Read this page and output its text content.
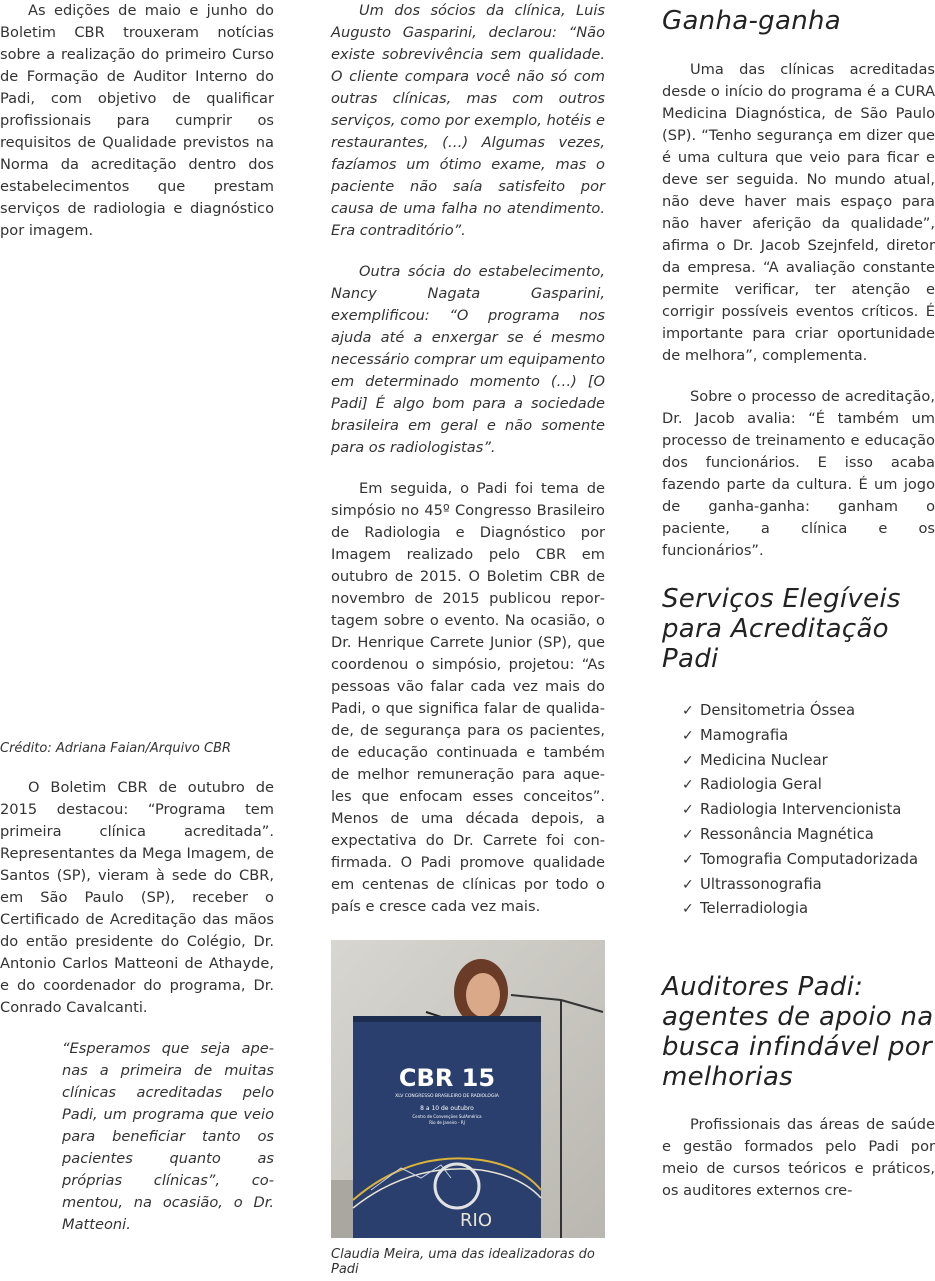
As edições de maio e junho do Boletim CBR trouxeram notícias sobre a realização do primeiro Curso de Formação de Auditor Interno do Padi, com objetivo de qualificar profissionais para cumprir os requisitos de Qualidade previstos na Norma da acreditação dentro dos estabelecimentos que prestam serviços de radiologia e diagnóstico por imagem.

Crédito: Adriana Faian/Arquivo CBR

O Boletim CBR de outubro de 2015 destacou: “Programa tem primeira clínica acreditada”. Representantes da Mega Imagem, de Santos (SP), vieram à sede do CBR, em São Paulo (SP), receber o Certificado de Acreditação das mãos do então presidente do Colégio, Dr. Antonio Carlos Matteoni de Athayde, e do coordenador do programa, Dr. Conrado Cavalcanti.

“Esperamos que seja apenas a primeira de muitas clínicas acreditadas pelo Padi, um programa que veio para beneficiar tanto os pacientes quanto as próprias clínicas”, comentou, na ocasião, o Dr. Matteoni.

Um dos sócios da clínica, Luis Augusto Gasparini, declarou: “Não existe sobrevivência sem qualidade. O cliente compara você não só com outras clínicas, mas com outros serviços, como por exemplo, hotéis e restaurantes, (…) Algumas vezes, fazíamos um ótimo exame, mas o paciente não saía satisfeito por causa de uma falha no atendimento. Era contraditório”.

Outra sócia do estabelecimento, Nancy Nagata Gasparini, exemplificou: “O programa nos ajuda até a enxergar se é mesmo necessário comprar um equipamento em determinado momento (…) [O Padi] É algo bom para a sociedade brasileira em geral e não somente para os radiologistas”.

Em seguida, o Padi foi tema de simpósio no 45º Congresso Brasileiro de Radiologia e Diagnóstico por Imagem realizado pelo CBR em outubro de 2015. O Boletim CBR de novembro de 2015 publicou reportagem sobre o evento. Na ocasião, o Dr. Henrique Carrete Junior (SP), que coordenou o simpósio, projetou: “As pessoas vão falar cada vez mais do Padi, o que significa falar de qualidade, de segurança para os pacientes, de educação continuada e também de melhor remuneração para aqueles que enfocam esses conceitos”. Menos de uma década depois, a expectativa do Dr. Carrete foi confirmada. O Padi promove qualidade em centenas de clínicas por todo o país e cresce cada vez mais.

CBR 15
XLV CONGRESSO BRASILEIRO DE RADIOLOGIA
8 a 10 de outubro
Centro de Convenções SulAmérica
Rio de Janeiro - RJ
RIO

Claudia Meira, uma das idealizadoras do Padi

Ganha-ganha

Uma das clínicas acreditadas desde o início do programa é a CURA Medicina Diagnóstica, de São Paulo (SP). “Tenho segurança em dizer que é uma cultura que veio para ficar e deve ser seguida. No mundo atual, não deve haver mais espaço para não haver aferição da qualidade”, afirma o Dr. Jacob Szejnfeld, diretor da empresa. “A avaliação constante permite verificar, ter atenção e corrigir possíveis eventos críticos. É importante para criar oportunidade de melhora”, complementa.

Sobre o processo de acreditação, Dr. Jacob avalia: “É também um processo de treinamento e educação dos funcionários. E isso acaba fazendo parte da cultura. É um jogo de ganha-ganha: ganham o paciente, a clínica e os funcionários”.

Serviços Elegíveis para Acreditação Padi
✓ Densitometria Óssea
✓ Mamografia
✓ Medicina Nuclear
✓ Radiologia Geral
✓ Radiologia Intervencionista
✓ Ressonância Magnética
✓ Tomografia Computadorizada
✓ Ultrassonografia
✓ Telerradiologia
Auditores Padi: agentes de apoio na busca infindável por melhorias

Profissionais das áreas de saúde e gestão formados pelo Padi por meio de cursos teóricos e práticos, os auditores externos cre-
